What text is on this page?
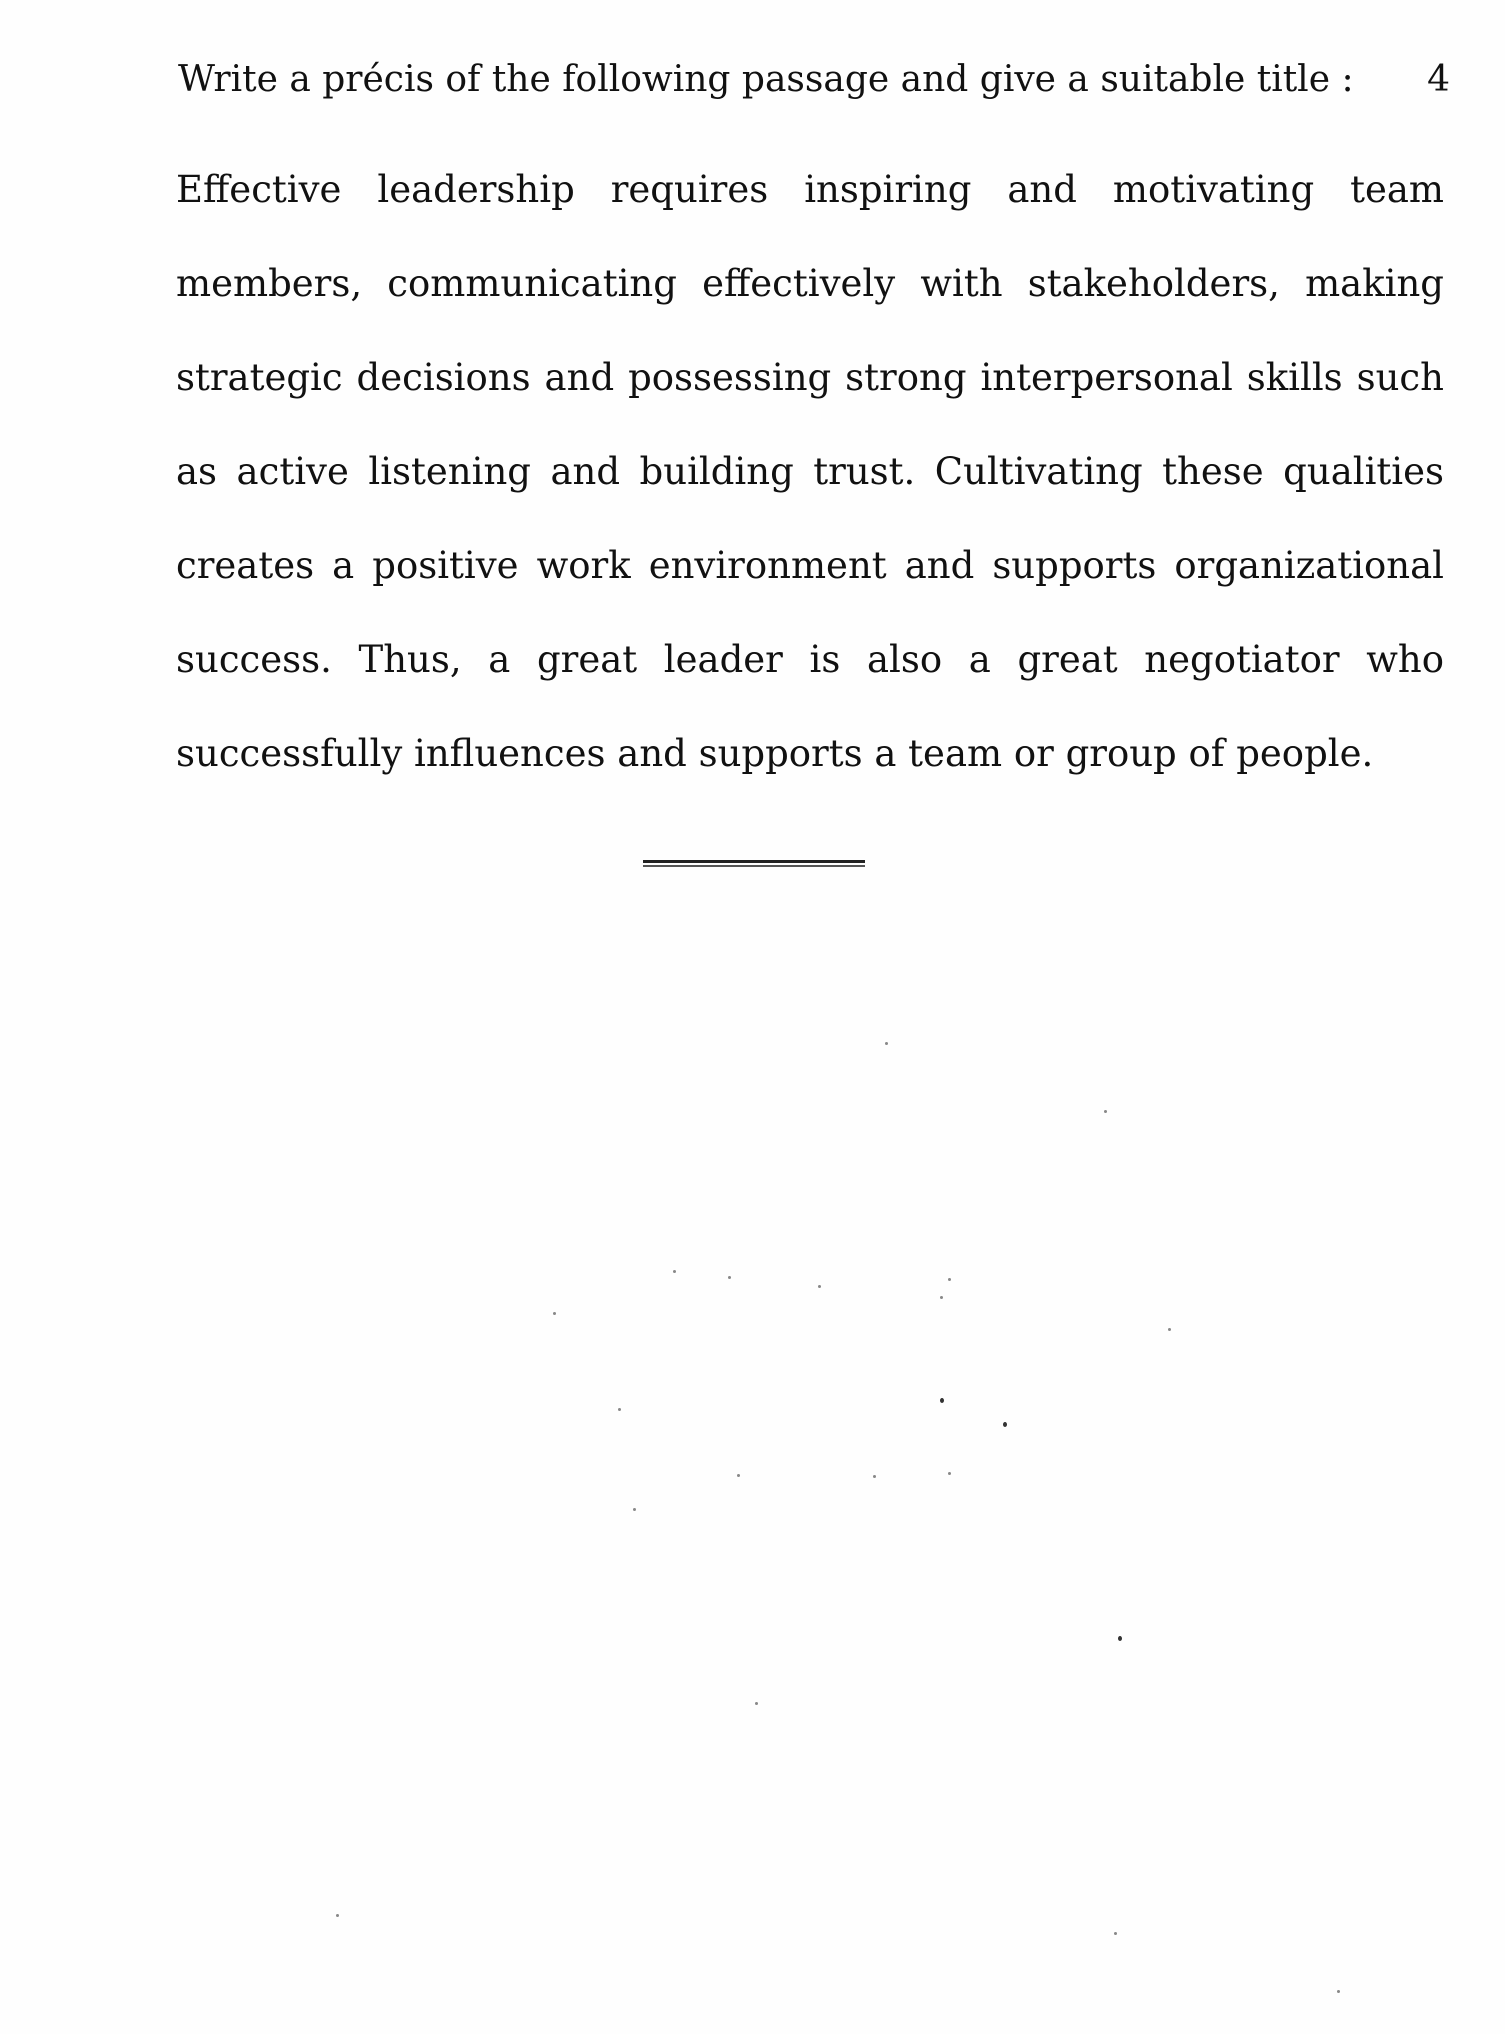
Write a précis of the following passage and give a suitable title : 4
Effective leadership requires inspiring and motivating team
members, communicating effectively with stakeholders, making
strategic decisions and possessing strong interpersonal skills such
as active listening and building trust. Cultivating these qualities
creates a positive work environment and supports organizational
success. Thus, a great leader is also a great negotiator who
successfully influences and supports a team or group of people.
